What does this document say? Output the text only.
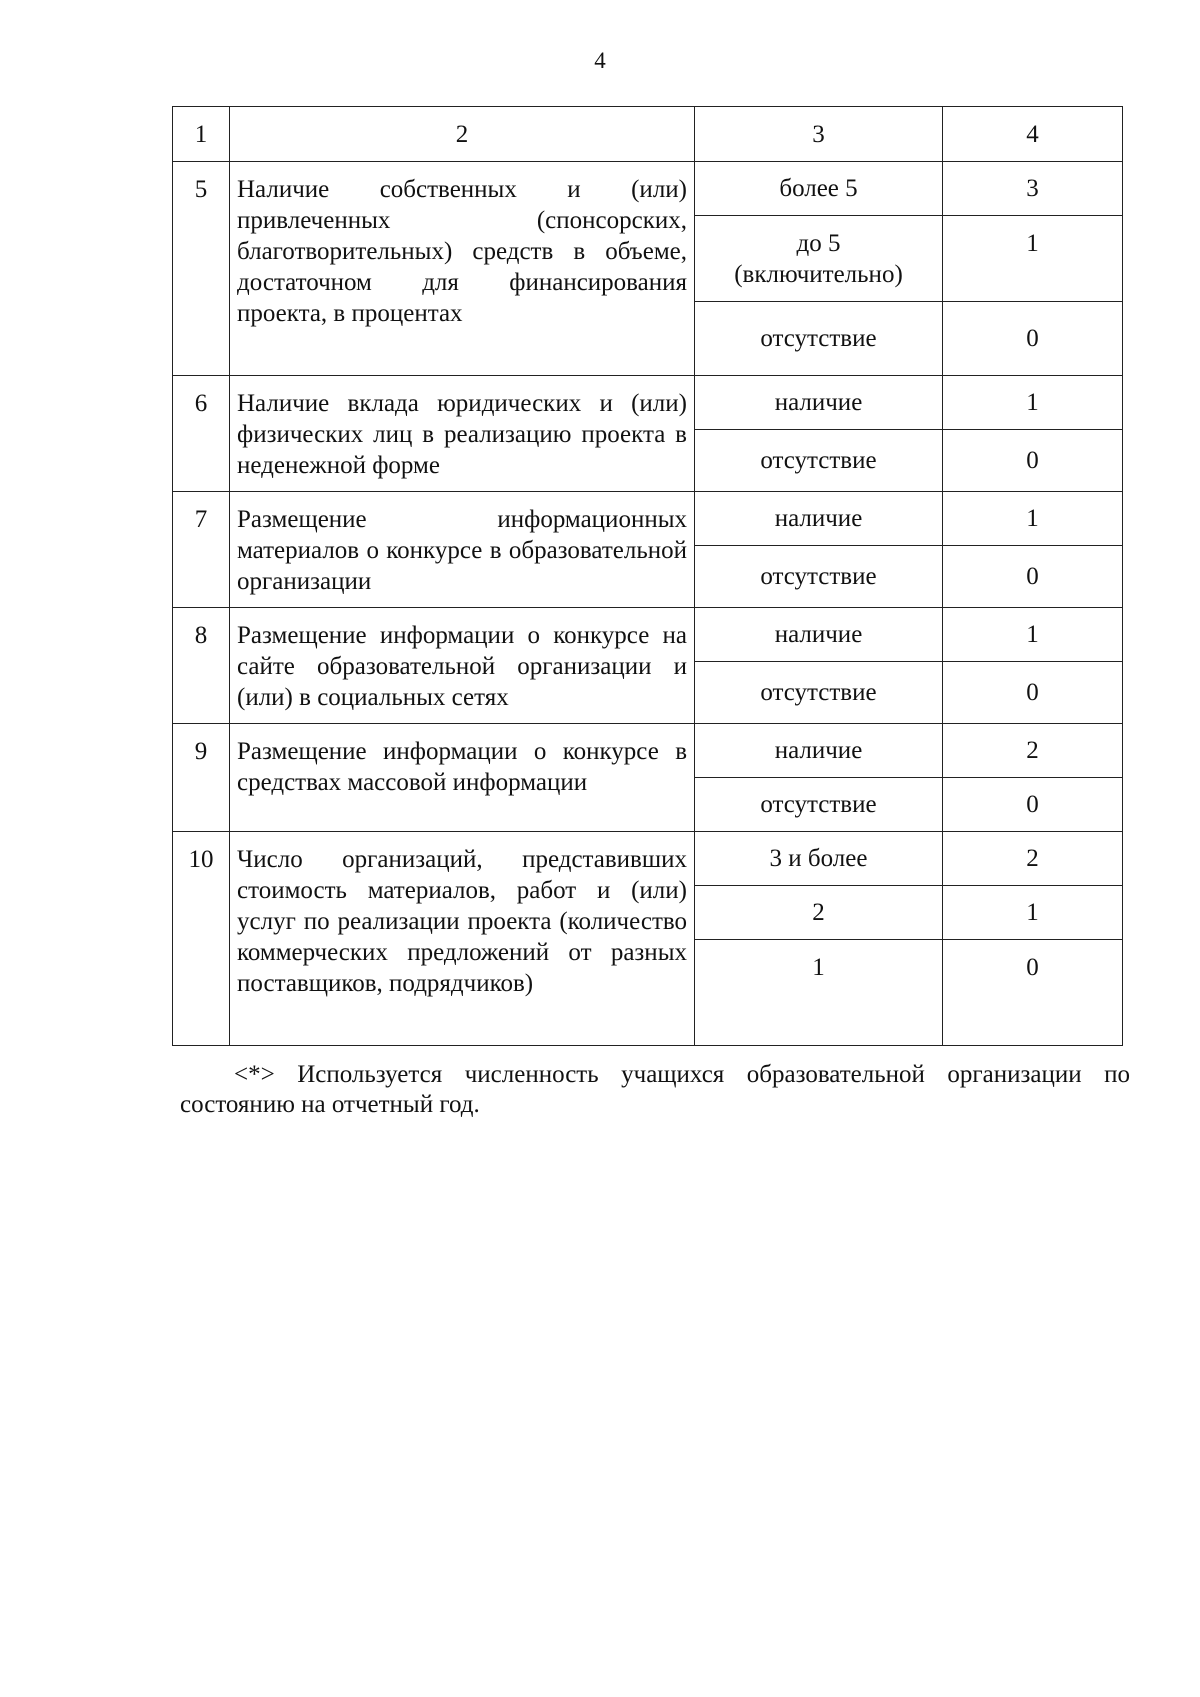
4
1	2	3	4
5	Наличие собственных и (или) привлеченных (спонсорских, благотворительных) средств в объеме, достаточном для финансирования проекта, в процентах	более 5	3
		до 5 (включительно)	1
		отсутствие	0
6	Наличие вклада юридических и (или) физических лиц в реализацию проекта в неденежной форме	наличие	1
		отсутствие	0
7	Размещение информационных материалов о конкурсе в образовательной организации	наличие	1
		отсутствие	0
8	Размещение информации о конкурсе на сайте образовательной организации и (или) в социальных сетях	наличие	1
		отсутствие	0
9	Размещение информации о конкурсе в средствах массовой информации	наличие	2
		отсутствие	0
10	Число организаций, представивших стоимость материалов, работ и (или) услуг по реализации проекта (количество коммерческих предложений от разных поставщиков, подрядчиков)	3 и более	2
		2	1
		1	0
<*> Используется численность учащихся образовательной организации по состоянию на отчетный год.
